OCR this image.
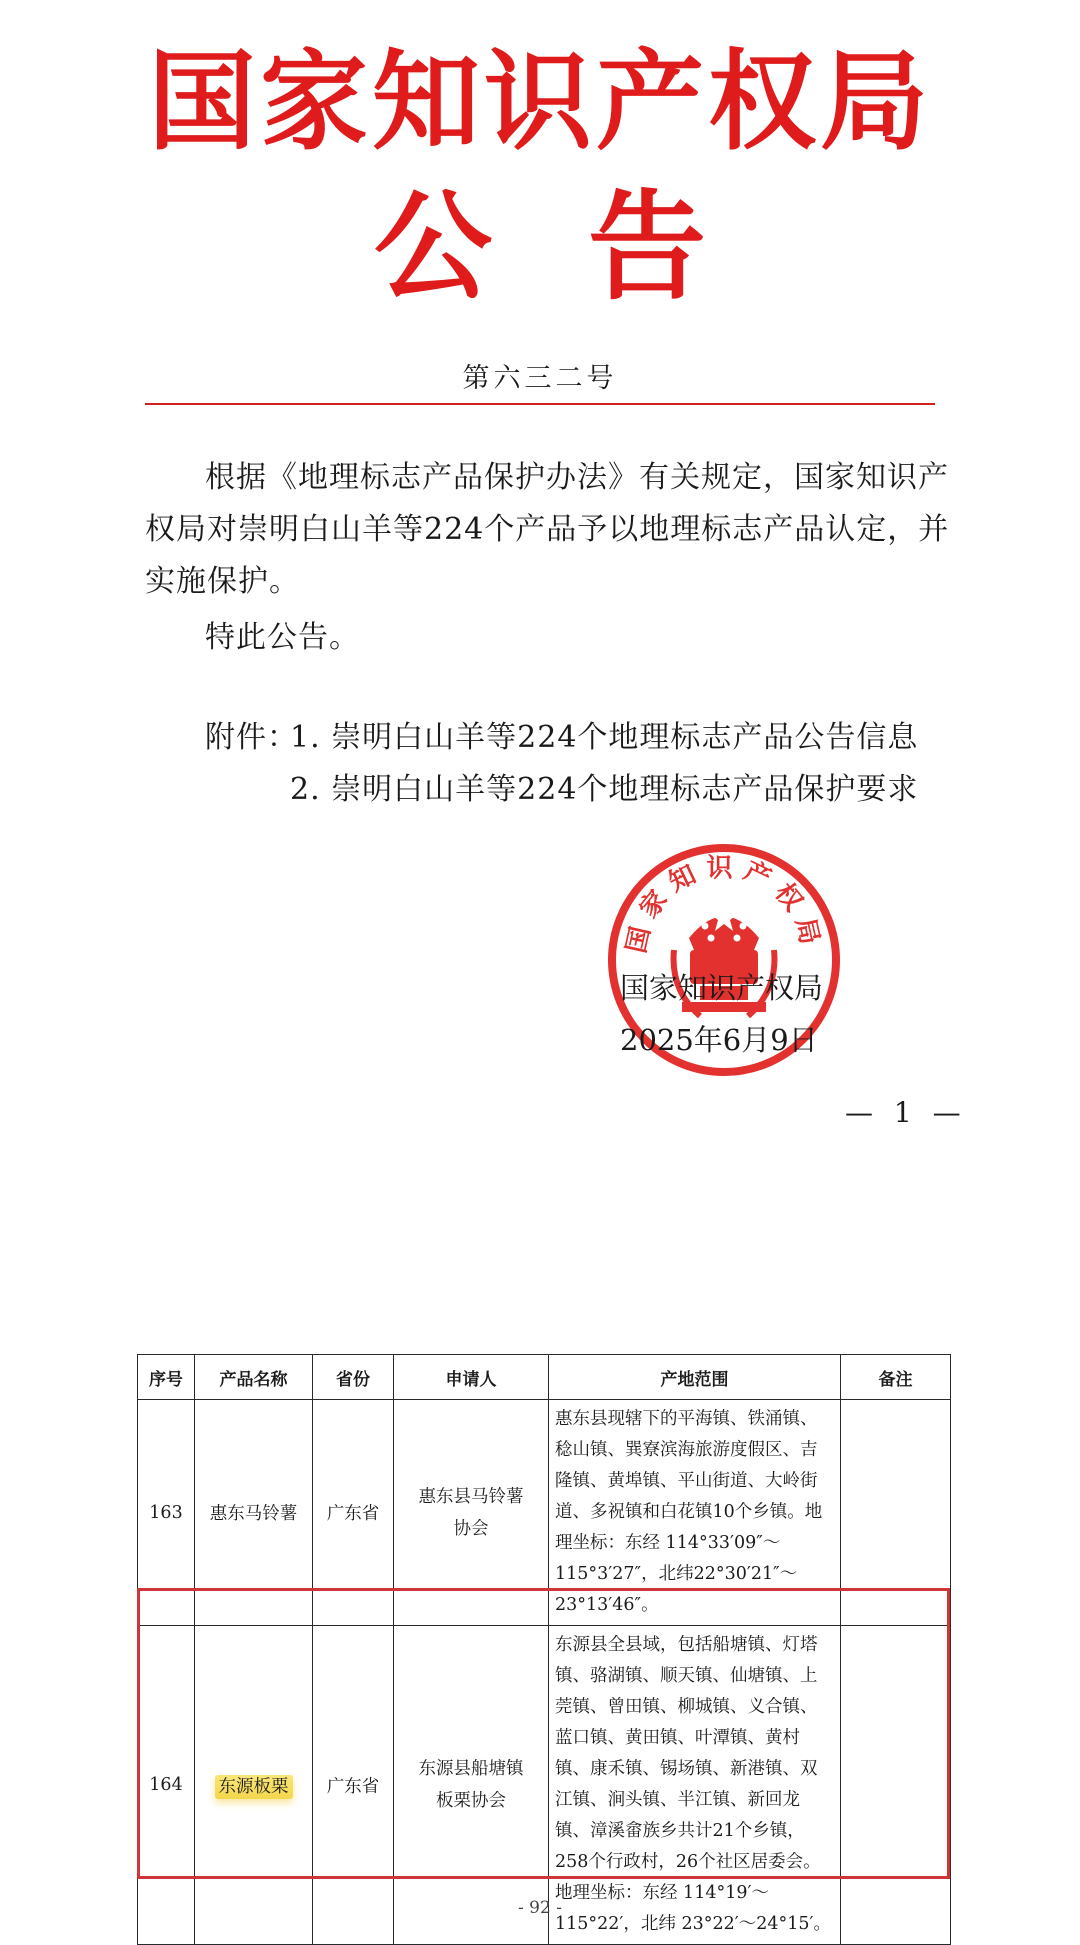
国家知识产权局
公告
第六三二号
根据《地理标志产品保护办法》有关规定，国家知识产权局对崇明白山羊等224个产品予以地理标志产品认定，并实施保护。
特此公告。
附件：
1. 崇明白山羊等224个地理标志产品公告信息
2. 崇明白山羊等224个地理标志产品保护要求
国家知识产权局
国家知识产权局
2025年6月9日
— 1 —
序号	产品名称	省份	申请人	产地范围	备注
163	惠东马铃薯	广东省	惠东县马铃薯协会	惠东县现辖下的平海镇、铁涌镇、稔山镇、巽寮滨海旅游度假区、吉隆镇、黄埠镇、平山街道、大岭街道、多祝镇和白花镇10个乡镇。地理坐标：东经 114°33′09″～115°3′27″，北纬22°30′21″～23°13′46″。	
164	东源板栗	广东省	东源县船塘镇板栗协会	东源县全县域，包括船塘镇、灯塔镇、骆湖镇、顺天镇、仙塘镇、上莞镇、曾田镇、柳城镇、义合镇、蓝口镇、黄田镇、叶潭镇、黄村镇、康禾镇、锡场镇、新港镇、双江镇、涧头镇、半江镇、新回龙镇、漳溪畲族乡共计21个乡镇，258个行政村，26个社区居委会。地理坐标：东经 114°19′～115°22′，北纬 23°22′～24°15′。	
- 92 -
